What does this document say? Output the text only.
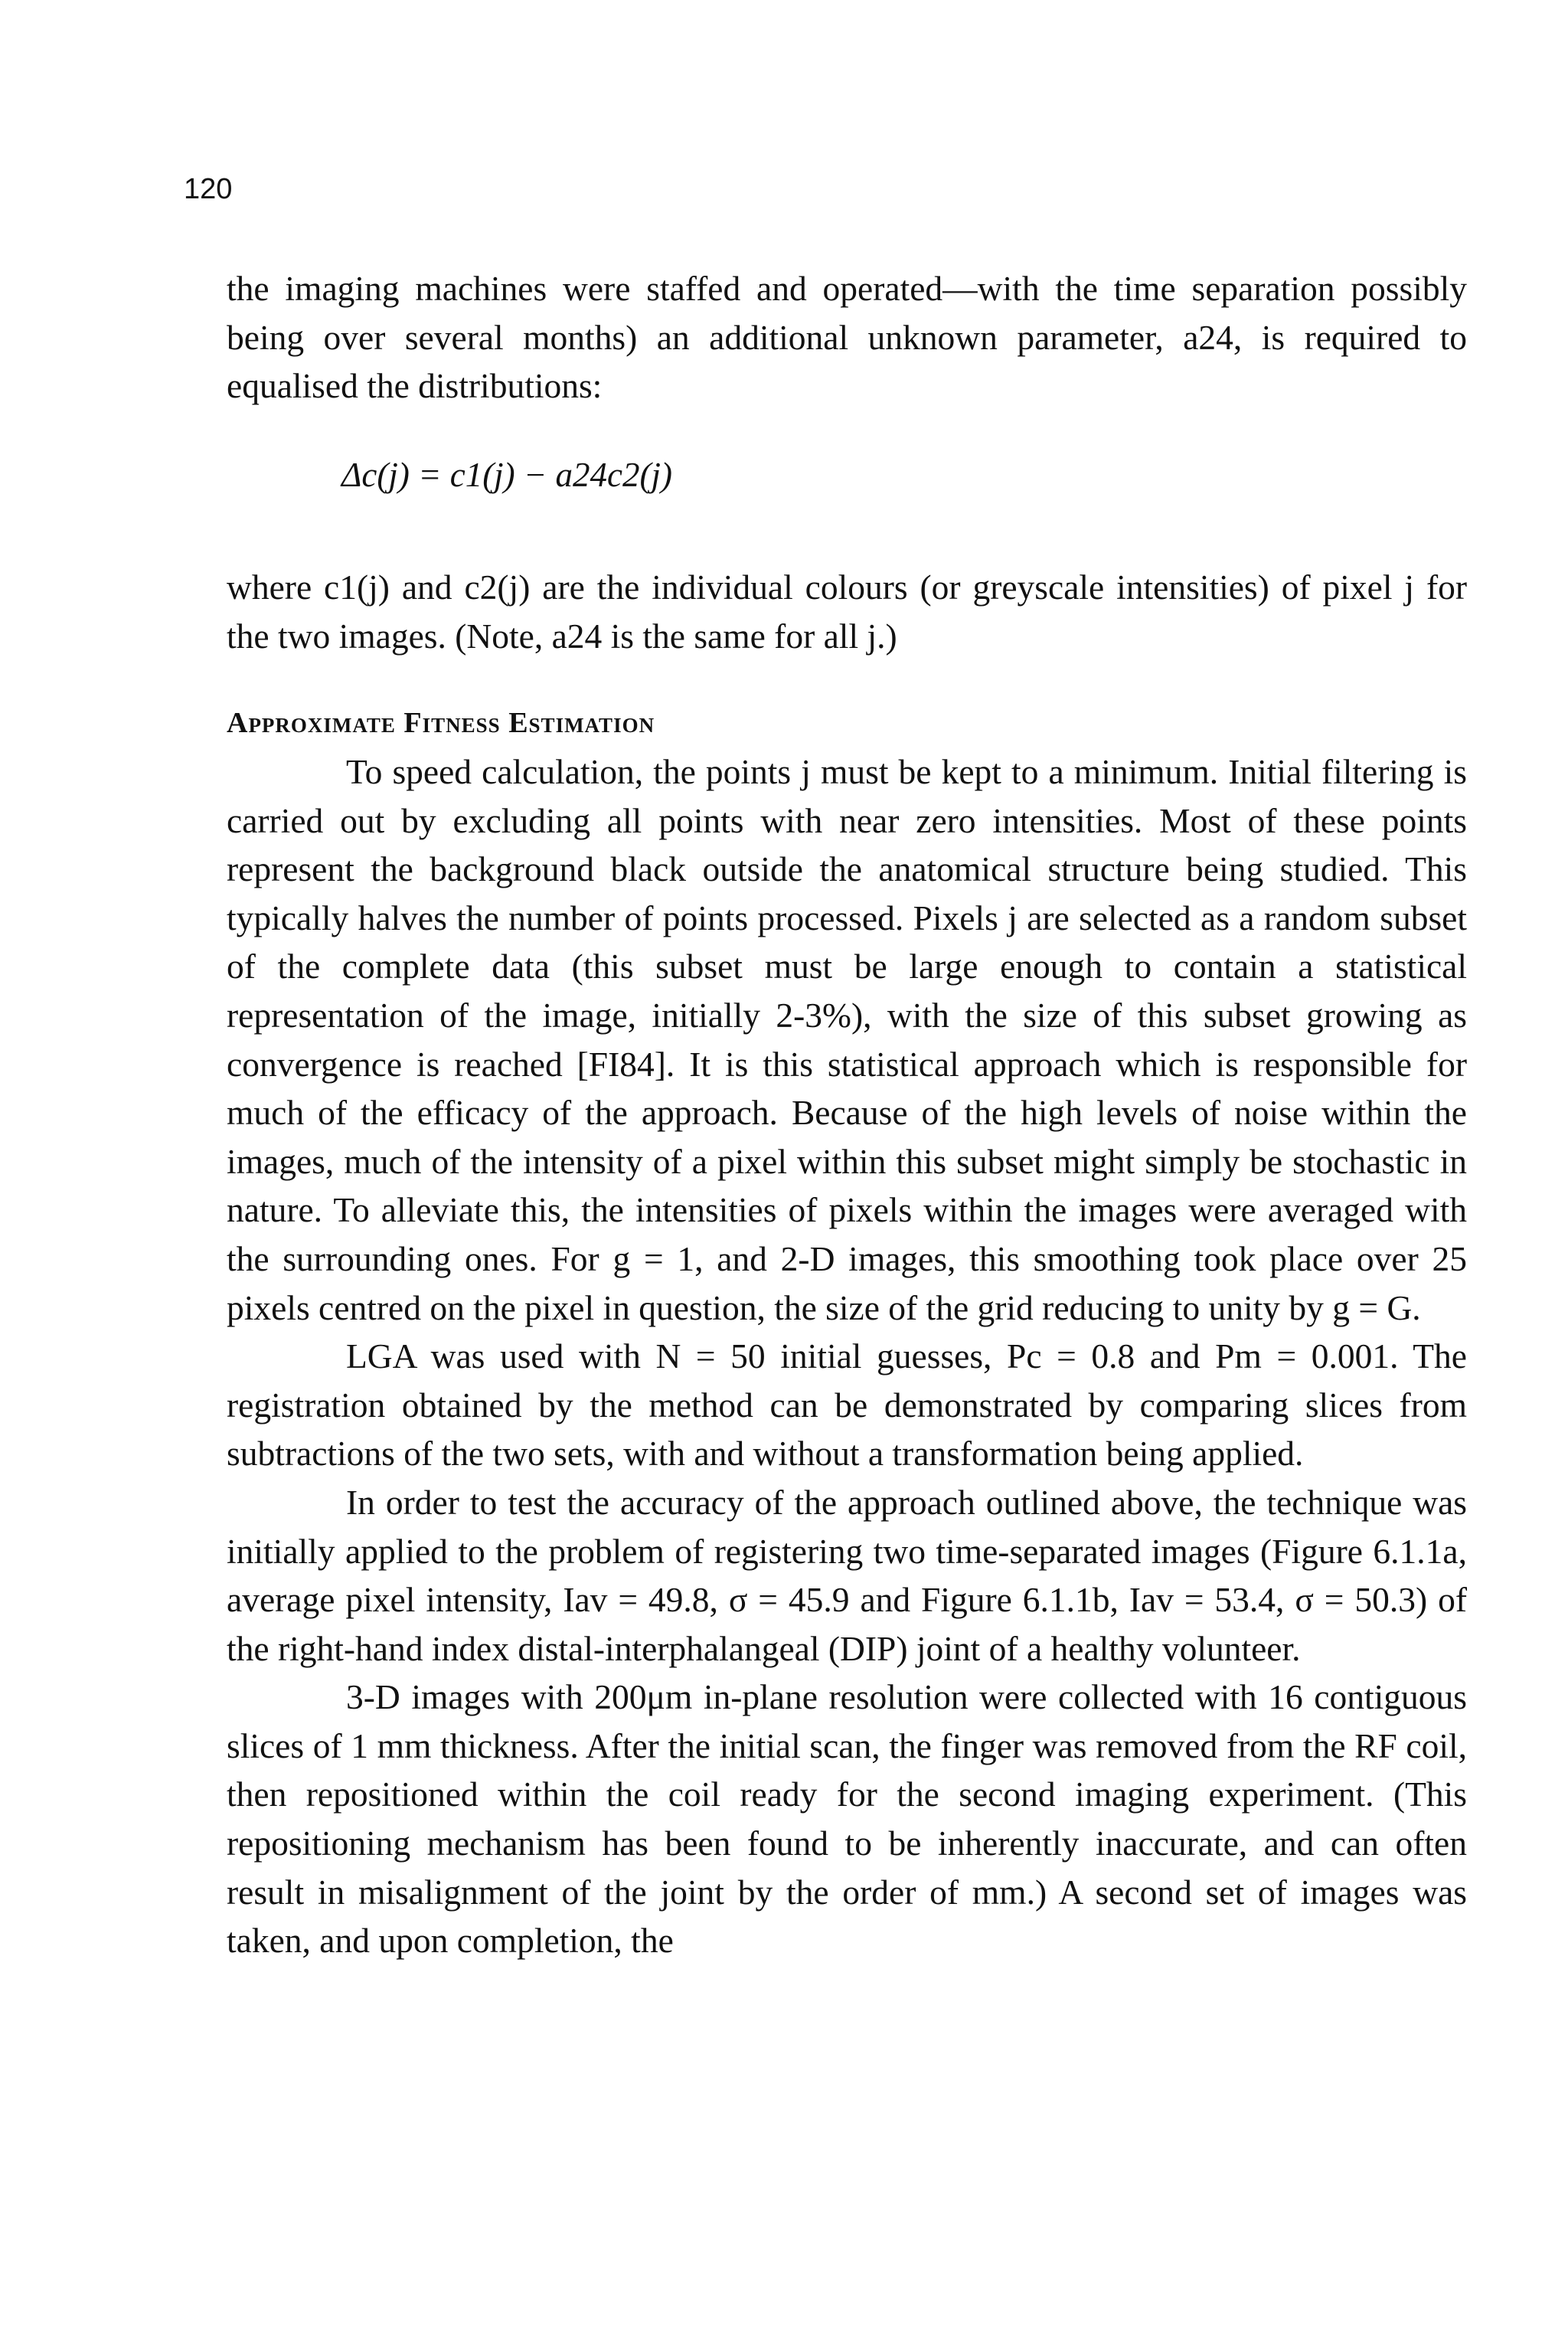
120

the imaging machines were staffed and operated—with the time separation possibly being over several months) an additional unknown parameter, a24, is required to equalised the distributions:

Δc(j) = c1(j) − a24c2(j)

where c1(j) and c2(j) are the individual colours (or greyscale intensities) of pixel j for the two images. (Note, a24 is the same for all j.)

Approximate Fitness Estimation

To speed calculation, the points j must be kept to a minimum. Initial filtering is carried out by excluding all points with near zero intensities. Most of these points represent the background black outside the anatomical structure being studied. This typically halves the number of points processed. Pixels j are selected as a random subset of the complete data (this subset must be large enough to contain a statistical representation of the image, initially 2-3%), with the size of this subset growing as convergence is reached [FI84]. It is this statistical approach which is responsible for much of the efficacy of the approach. Because of the high levels of noise within the images, much of the intensity of a pixel within this subset might simply be stochastic in nature. To alleviate this, the intensities of pixels within the images were averaged with the surrounding ones. For g = 1, and 2-D images, this smoothing took place over 25 pixels centred on the pixel in question, the size of the grid reducing to unity by g = G.

LGA was used with N = 50 initial guesses, Pc = 0.8 and Pm = 0.001. The registration obtained by the method can be demonstrated by comparing slices from subtractions of the two sets, with and without a transformation being applied.

In order to test the accuracy of the approach outlined above, the technique was initially applied to the problem of registering two time-separated images (Figure 6.1.1a, average pixel intensity, Iav = 49.8, σ = 45.9 and Figure 6.1.1b, Iav = 53.4, σ = 50.3) of the right-hand index distal-interphalangeal (DIP) joint of a healthy volunteer.

3-D images with 200μm in-plane resolution were collected with 16 contiguous slices of 1 mm thickness. After the initial scan, the finger was removed from the RF coil, then repositioned within the coil ready for the second imaging experiment. (This repositioning mechanism has been found to be inherently inaccurate, and can often result in misalignment of the joint by the order of mm.) A second set of images was taken, and upon completion, the
